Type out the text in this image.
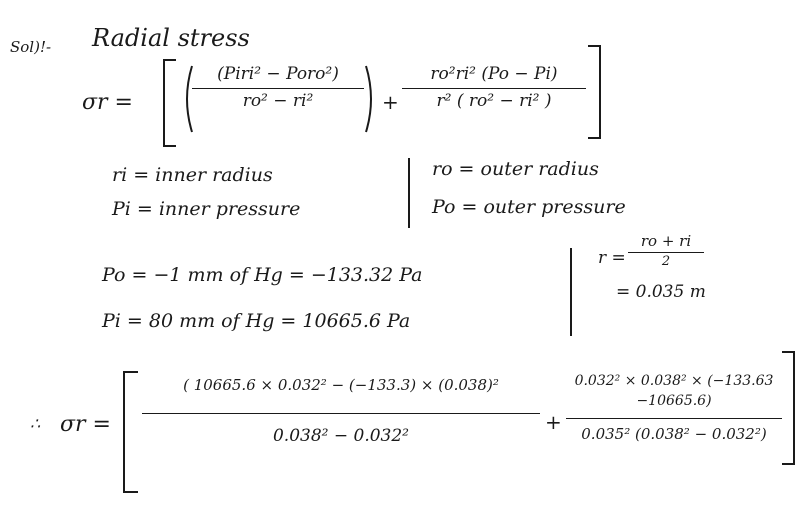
Sol)!- Radial stress
σr =
(Piri² − Poro²)
ro² − ri²	+
ro²ri² (Po − Pi)
r² ( ro² − ri² )
ri = inner radius
Pi = inner pressure
ro = outer radius
Po = outer pressure
Po = −1 mm of Hg = −133.32 Pa
Pi = 80 mm of Hg = 10665.6 Pa
r =
ro + ri
2
= 0.035 m
∴ σr =
( 10665.6 × 0.032² − (−133.3) × (0.038)²
0.038² − 0.032²
+
0.032² × 0.038² × (−133.63
−10665.6)
0.035² (0.038² − 0.032²)
